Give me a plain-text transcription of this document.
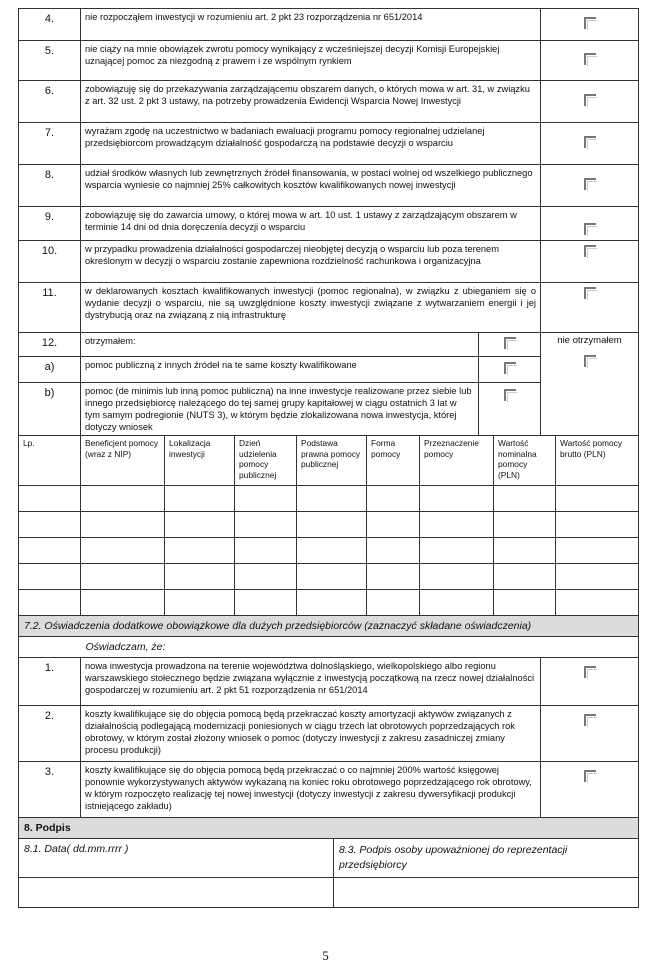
4.	nie rozpocząłem inwestycji w rozumieniu art. 2 pkt 23 rozporządzenia nr 651/2014	
5.	nie ciąży na mnie obowiązek zwrotu pomocy wynikający z wcześniejszej decyzji Komisji Europejskiej uznającej pomoc za niezgodną z prawem i ze wspólnym rynkiem	
6.	zobowiązuję się do przekazywania zarządzającemu obszarem danych, o których mowa w art. 31, w związku z art. 32 ust. 2 pkt 3 ustawy, na potrzeby prowadzenia Ewidencji Wsparcia Nowej Inwestycji	
7.	wyrażam zgodę na uczestnictwo w badaniach ewaluacji programu pomocy regionalnej udzielanej przedsiębiorcom prowadzącym działalność gospodarczą na podstawie decyzji o wsparciu	
8.	udział środków własnych lub zewnętrznych źródeł finansowania, w postaci wolnej od wszelkiego publicznego wsparcia wyniesie co najmniej 25% całkowitych kosztów kwalifikowanych nowej inwestycji	
9.	zobowiązuję się do zawarcia umowy, o której mowa w art. 10 ust. 1 ustawy z zarządzającym obszarem w terminie 14 dni od dnia doręczenia decyzji o wsparciu	
10.	w przypadku prowadzenia działalności gospodarczej nieobjętej decyzją o wsparciu lub poza terenem określonym w decyzji o wsparciu zostanie zapewniona rozdzielność rachunkowa i organizacyjna	
11.	w deklarowanych kosztach kwalifikowanych inwestycji (pomoc regionalna), w związku z ubieganiem się o wydanie decyzji o wsparciu, nie są uwzględnione koszty inwestycji związane z wytwarzaniem energii i jej dystrybucją oraz na związaną z nią infrastrukturę	
12.	otrzymałem:		nie otrzymałem

a)	pomoc publiczną z innych źródeł na te same koszty kwalifikowane		
b)	pomoc (de minimis lub inną pomoc publiczną) na inne inwestycje realizowane przez siebie lub innego przedsiębiorcę należącego do tej samej grupy kapitałowej w ciągu ostatnich 3 lat w tym samym podregionie (NUTS 3), w którym będzie zlokalizowana nowa inwestycja, której dotyczy wniosek		
Lp.	Beneficjent pomocy (wraz z NIP)	Lokalizacja inwestycji	Dzień udzielenia pomocy publicznej	Podstawa prawna pomocy publicznej	Forma pomocy	Przeznaczenie pomocy	Wartość nominalna pomocy (PLN)	Wartość pomocy brutto (PLN)

7.2. Oświadczenia dodatkowe obowiązkowe dla dużych przedsiębiorców (zaznaczyć składane oświadczenia)		
	Oświadczam, że:	
1.	nowa inwestycja prowadzona na terenie województwa dolnośląskiego, wielkopolskiego albo regionu warszawskiego stołecznego będzie związana wyłącznie z inwestycją początkową na rzecz nowej działalności gospodarczej w rozumieniu art. 2 pkt 51 rozporządzenia nr 651/2014	
2.	koszty kwalifikujące się do objęcia pomocą będą przekraczać koszty amortyzacji aktywów związanych z działalnością podlegającą modernizacji poniesionych w ciągu trzech lat obrotowych poprzedzających rok obrotowy, w którym został złożony wniosek o pomoc (dotyczy inwestycji z zakresu zasadniczej zmiany procesu produkcji)	
3.	koszty kwalifikujące się do objęcia pomocą będą przekraczać o co najmniej 200% wartość księgowej ponownie wykorzystywanych aktywów wykazaną na koniec roku obrotowego poprzedzającego rok obrotowy, w którym rozpoczęto realizację tej nowej inwestycji (dotyczy inwestycji z zakresu dywersyfikacji produkcji istniejącego zakładu)	
8. Podpis	
8.1. Data( dd.mm.rrrr )	8.3. Podpis osoby upoważnionej do reprezentacji przedsiębiorcy

5
